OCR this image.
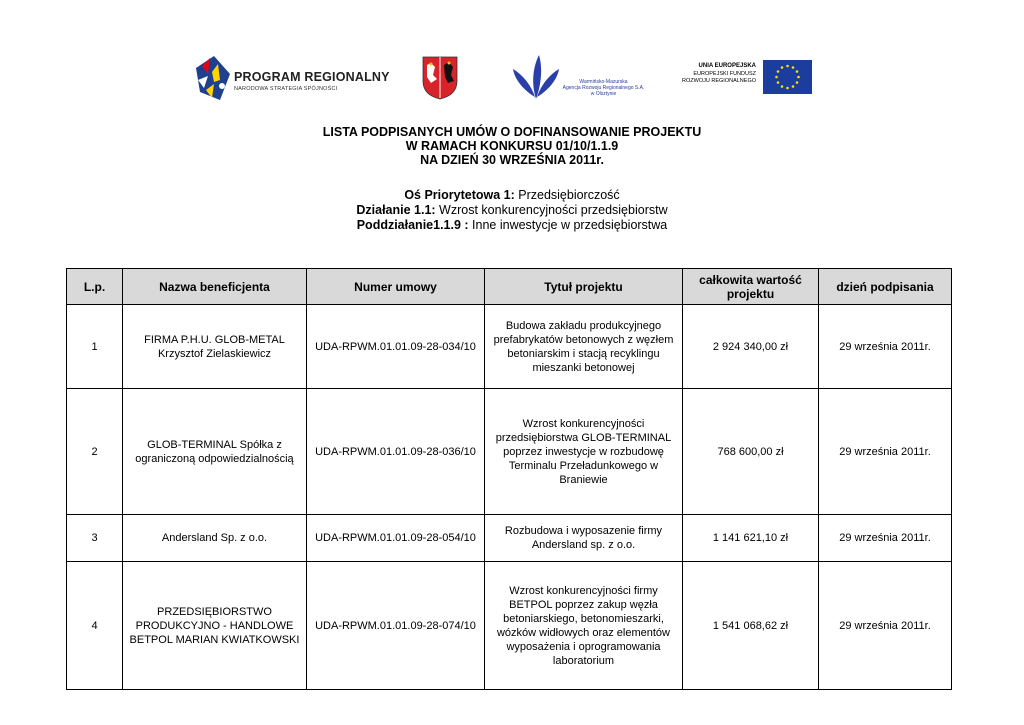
PROGRAM REGIONALNY
NARODOWA STRATEGIA SPÓJNOŚCI
Warmińsko-Mazurska
Agencja Rozwoju Regionalnego S.A.
w Olsztynie
UNIA EUROPEJSKA
EUROPEJSKI FUNDUSZ
ROZWOJU REGIONALNEGO
LISTA PODPISANYCH UMÓW O DOFINANSOWANIE PROJEKTU
W RAMACH KONKURSU 01/10/1.1.9
NA DZIEŃ 30 WRZEŚNIA 2011r.
Oś Priorytetowa 1: Przedsiębiorczość
Działanie 1.1: Wzrost konkurencyjności przedsiębiorstw
Poddziałanie1.1.9 : Inne inwestycje w przedsiębiorstwa
L.p.	Nazwa beneficjenta	Numer umowy	Tytuł projektu	całkowita wartość projektu	dzień podpisania
1	FIRMA P.H.U. GLOB-METAL Krzysztof Zielaskiewicz	UDA-RPWM.01.01.09-28-034/10	Budowa zakładu produkcyjnego prefabrykatów betonowych z węzłem betoniarskim i stacją recyklingu mieszanki betonowej	2 924 340,00 zł	29 września 2011r.
2	GLOB-TERMINAL Spółka z ograniczoną odpowiedzialnością	UDA-RPWM.01.01.09-28-036/10	Wzrost konkurencyjności przedsiębiorstwa GLOB-TERMINAL poprzez inwestycje w rozbudowę Terminalu Przeładunkowego w Braniewie	768 600,00 zł	29 września 2011r.
3	Andersland Sp. z o.o.	UDA-RPWM.01.01.09-28-054/10	Rozbudowa i wyposazenie firmy Andersland sp. z o.o.	1 141 621,10 zł	29 września 2011r.
4	PRZEDSIĘBIORSTWO PRODUKCYJNO - HANDLOWE BETPOL MARIAN KWIATKOWSKI	UDA-RPWM.01.01.09-28-074/10	Wzrost konkurencyjności firmy BETPOL poprzez zakup węzła betoniarskiego, betonomieszarki, wózków widłowych oraz elementów wyposażenia i oprogramowania laboratorium	1 541 068,62 zł	29 września 2011r.
